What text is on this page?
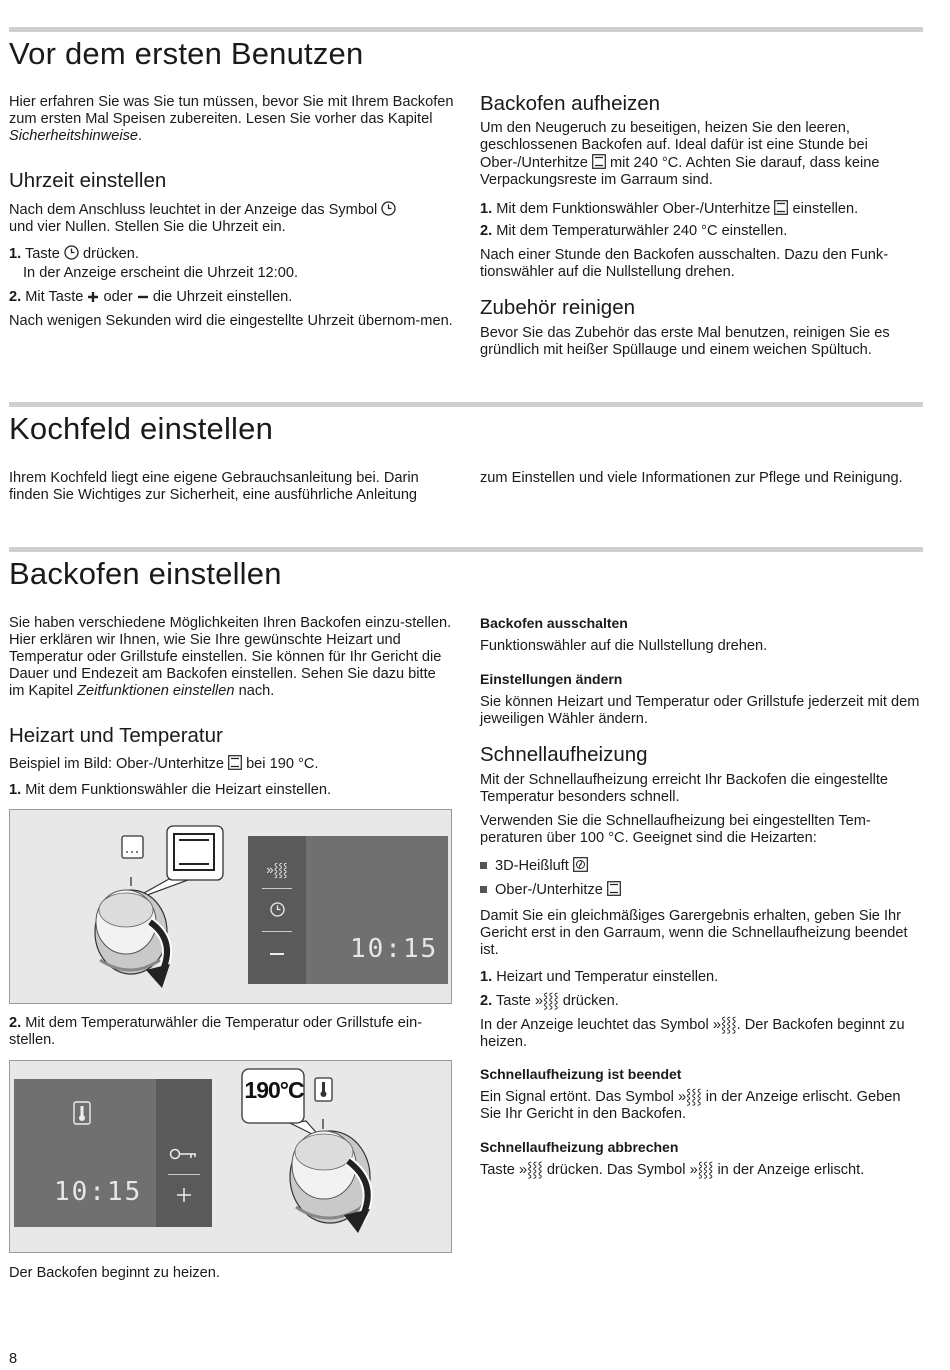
Vor dem ersten Benutzen

Hier erfahren Sie was Sie tun müssen, bevor Sie mit Ihrem Backofen zum ersten Mal Speisen zubereiten. Lesen Sie vorher das Kapitel Sicherheitshinweise.

Uhrzeit einstellen

Nach dem Anschluss leuchtet in der Anzeige das Symbol
und vier Nullen. Stellen Sie die Uhrzeit ein.

1. Taste drücken.
In der Anzeige erscheint die Uhrzeit 12:00.
2. Mit Taste oder die Uhrzeit einstellen.

Nach wenigen Sekunden wird die eingestellte Uhrzeit übernom-men.

Backofen aufheizen

Um den Neugeruch zu beseitigen, heizen Sie den leeren, geschlossenen Backofen auf. Ideal dafür ist eine Stunde bei Ober-/Unterhitze mit 240 °C. Achten Sie darauf, dass keine Verpackungsreste im Garraum sind.

1. Mit dem Funktionswähler Ober-/Unterhitze einstellen.
2. Mit dem Temperaturwähler 240 °C einstellen.

Nach einer Stunde den Backofen ausschalten. Dazu den Funk-tionswähler auf die Nullstellung drehen.

Zubehör reinigen

Bevor Sie das Zubehör das erste Mal benutzen, reinigen Sie es gründlich mit heißer Spüllauge und einem weichen Spültuch.

Kochfeld einstellen

Ihrem Kochfeld liegt eine eigene Gebrauchsanleitung bei. Darin finden Sie Wichtiges zur Sicherheit, eine ausführliche Anleitung

zum Einstellen und viele Informationen zur Pflege und Reinigung.

Backofen einstellen

Sie haben verschiedene Möglichkeiten Ihren Backofen einzu-stellen. Hier erklären wir Ihnen, wie Sie Ihre gewünschte Heizart und Temperatur oder Grillstufe einstellen. Sie können für Ihr Gericht die Dauer und Endezeit am Backofen einstellen. Sehen Sie dazu bitte im Kapitel Zeitfunktionen einstellen nach.

Heizart und Temperatur

Beispiel im Bild: Ober-/Unterhitze bei 190 °C.

1. Mit dem Funktionswähler die Heizart einstellen.
»⸾⸾⸾
10:15
2. Mit dem Temperaturwähler die Temperatur oder Grillstufe ein-stellen.
10:15
190°C

Der Backofen beginnt zu heizen.

Backofen ausschalten

Funktionswähler auf die Nullstellung drehen.

Einstellungen ändern

Sie können Heizart und Temperatur oder Grillstufe jederzeit mit dem jeweiligen Wähler ändern.

Schnellaufheizung

Mit der Schnellaufheizung erreicht Ihr Backofen die eingestellte Temperatur besonders schnell.

Verwenden Sie die Schnellaufheizung bei eingestellten Tem-peraturen über 100 °C. Geeignet sind die Heizarten:

3D-Heißluft
Ober-/Unterhitze

Damit Sie ein gleichmäßiges Garergebnis erhalten, geben Sie Ihr Gericht erst in den Garraum, wenn die Schnellaufheizung beendet ist.

1. Heizart und Temperatur einstellen.
2. Taste »⸾⸾⸾ drücken.

In der Anzeige leuchtet das Symbol »⸾⸾⸾. Der Backofen beginnt zu heizen.

Schnellaufheizung ist beendet

Ein Signal ertönt. Das Symbol »⸾⸾⸾ in der Anzeige erlischt. Geben Sie Ihr Gericht in den Backofen.

Schnellaufheizung abbrechen

Taste »⸾⸾⸾ drücken. Das Symbol »⸾⸾⸾ in der Anzeige erlischt.

8
